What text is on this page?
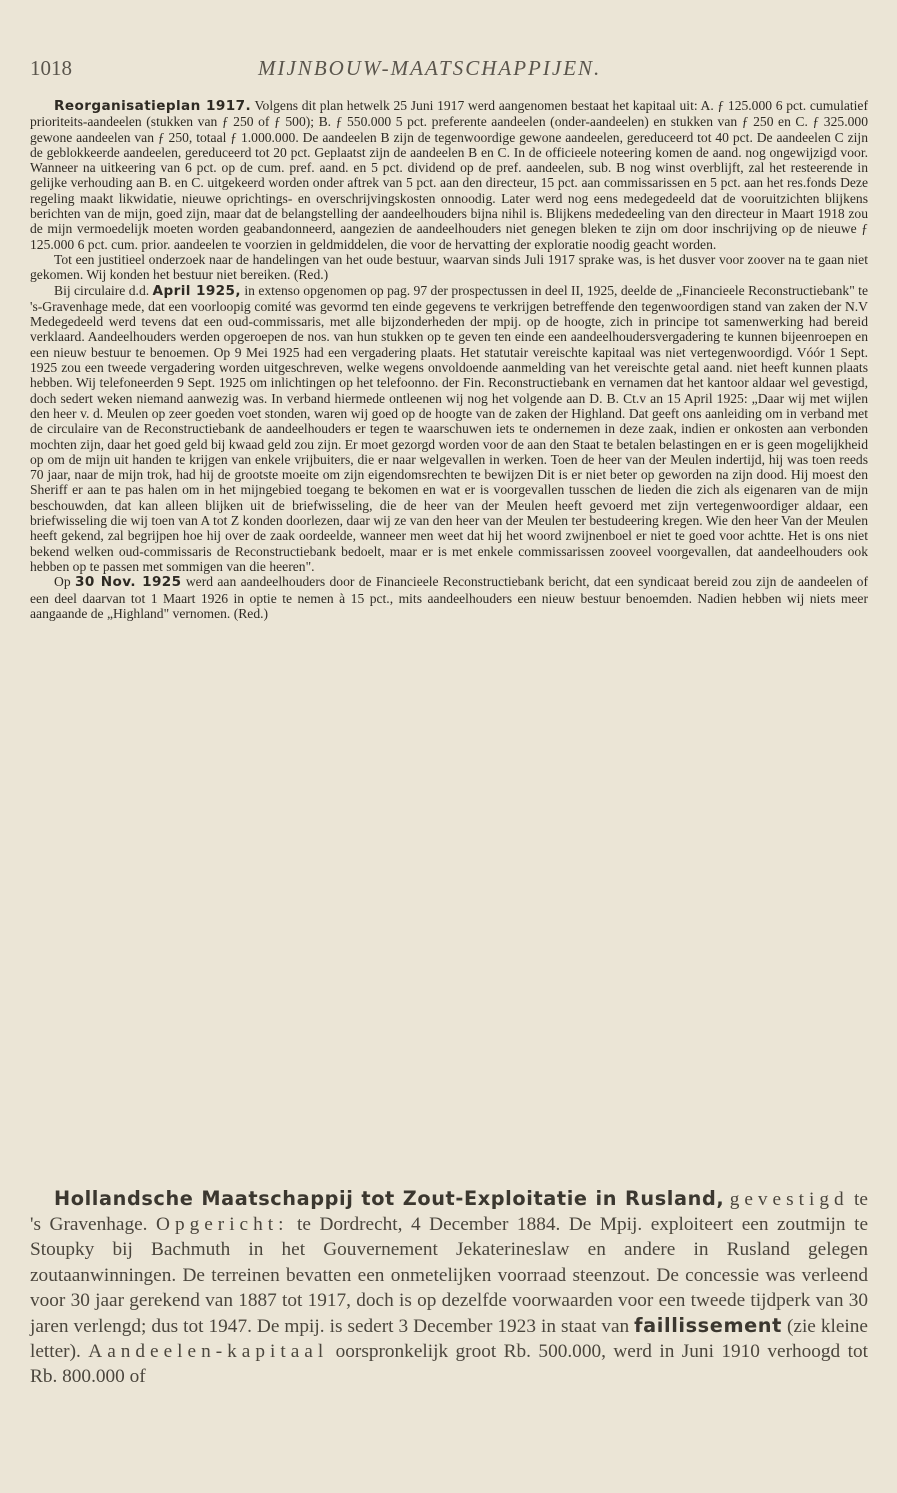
1018	MIJNBOUW-MAATSCHAPPIJEN.

Reorganisatieplan 1917. Volgens dit plan hetwelk 25 Juni 1917 werd aangenomen bestaat het kapitaal uit: A. ƒ 125.000 6 pct. cumulatief prioriteits-aandeelen (stukken van ƒ 250 of ƒ 500); B. ƒ 550.000 5 pct. preferente aandeelen (onder-aandeelen) en stukken van ƒ 250 en C. ƒ 325.000 gewone aandeelen van ƒ 250, totaal ƒ 1.000.000. De aandeelen B zijn de tegenwoordige gewone aandeelen, gereduceerd tot 40 pct. De aandeelen C zijn de geblokkeerde aandeelen, gereduceerd tot 20 pct. Geplaatst zijn de aandeelen B en C. In de officieele noteering komen de aand. nog ongewijzigd voor. Wanneer na uitkeering van 6 pct. op de cum. pref. aand. en 5 pct. dividend op de pref. aandeelen, sub. B nog winst overblijft, zal het resteerende in gelijke verhouding aan B. en C. uitgekeerd worden onder aftrek van 5 pct. aan den directeur, 15 pct. aan commissarissen en 5 pct. aan het res.fonds Deze regeling maakt likwidatie, nieuwe oprichtings- en overschrijvingskosten onnoodig. Later werd nog eens medegedeeld dat de vooruitzichten blijkens berichten van de mijn, goed zijn, maar dat de belangstelling der aandeelhouders bijna nihil is. Blijkens mededeeling van den directeur in Maart 1918 zou de mijn vermoedelijk moeten worden geabandonneerd, aangezien de aandeelhouders niet genegen bleken te zijn om door inschrijving op de nieuwe ƒ 125.000 6 pct. cum. prior. aandeelen te voorzien in geldmiddelen, die voor de hervatting der exploratie noodig geacht worden.

Tot een justitieel onderzoek naar de handelingen van het oude bestuur, waarvan sinds Juli 1917 sprake was, is het dusver voor zoover na te gaan niet gekomen. Wij konden het bestuur niet bereiken. (Red.)

Bij circulaire d.d. April 1925, in extenso opgenomen op pag. 97 der prospectussen in deel II, 1925, deelde de „Financieele Reconstructiebank" te 's-Gravenhage mede, dat een voorloopig comité was gevormd ten einde gegevens te verkrijgen betreffende den tegenwoordigen stand van zaken der N.V Medegedeeld werd tevens dat een oud-commissaris, met alle bijzonderheden der mpij. op de hoogte, zich in principe tot samenwerking had bereid verklaard. Aandeelhouders werden opgeroepen de nos. van hun stukken op te geven ten einde een aandeelhoudersvergadering te kunnen bijeenroepen en een nieuw bestuur te benoemen. Op 9 Mei 1925 had een vergadering plaats. Het statutair vereischte kapitaal was niet vertegenwoordigd. Vóór 1 Sept. 1925 zou een tweede vergadering worden uitgeschreven, welke wegens onvoldoende aanmelding van het vereischte getal aand. niet heeft kunnen plaats hebben. Wij telefoneerden 9 Sept. 1925 om inlichtingen op het telefoonno. der Fin. Reconstructiebank en vernamen dat het kantoor aldaar wel gevestigd, doch sedert weken niemand aanwezig was. In verband hiermede ontleenen wij nog het volgende aan D. B. Ct.v an 15 April 1925: „Daar wij met wijlen den heer v. d. Meulen op zeer goeden voet stonden, waren wij goed op de hoogte van de zaken der Highland. Dat geeft ons aanleiding om in verband met de circulaire van de Reconstructiebank de aandeelhouders er tegen te waarschuwen iets te ondernemen in deze zaak, indien er onkosten aan verbonden mochten zijn, daar het goed geld bij kwaad geld zou zijn. Er moet gezorgd worden voor de aan den Staat te betalen belastingen en er is geen mogelijkheid op om de mijn uit handen te krijgen van enkele vrijbuiters, die er naar welgevallen in werken. Toen de heer van der Meulen indertijd, hij was toen reeds 70 jaar, naar de mijn trok, had hij de grootste moeite om zijn eigendomsrechten te bewijzen Dit is er niet beter op geworden na zijn dood. Hij moest den Sheriff er aan te pas halen om in het mijngebied toegang te bekomen en wat er is voorgevallen tusschen de lieden die zich als eigenaren van de mijn beschouwden, dat kan alleen blijken uit de briefwisseling, die de heer van der Meulen heeft gevoerd met zijn vertegenwoordiger aldaar, een briefwisseling die wij toen van A tot Z konden doorlezen, daar wij ze van den heer van der Meulen ter bestudeering kregen. Wie den heer Van der Meulen heeft gekend, zal begrijpen hoe hij over de zaak oordeelde, wanneer men weet dat hij het woord zwijnenboel er niet te goed voor achtte. Het is ons niet bekend welken oud-commissaris de Reconstructiebank bedoelt, maar er is met enkele commissarissen zooveel voorgevallen, dat aandeelhouders ook hebben op te passen met sommigen van die heeren".

Op 30 Nov. 1925 werd aan aandeelhouders door de Financieele Reconstructiebank bericht, dat een syndicaat bereid zou zijn de aandeelen of een deel daarvan tot 1 Maart 1926 in optie te nemen à 15 pct., mits aandeelhouders een nieuw bestuur benoemden. Nadien hebben wij niets meer aangaande de „Highland" vernomen. (Red.)

Hollandsche Maatschappij tot Zout-Exploitatie in Rusland, gevestigd te 's Gravenhage. Opgericht: te Dordrecht, 4 December 1884. De Mpij. exploiteert een zoutmijn te Stoupky bij Bachmuth in het Gouvernement Jekaterineslaw en andere in Rusland gelegen zoutaanwinningen. De terreinen bevatten een onmetelijken voorraad steenzout. De concessie was verleend voor 30 jaar gerekend van 1887 tot 1917, doch is op dezelfde voorwaarden voor een tweede tijdperk van 30 jaren verlengd; dus tot 1947. De mpij. is sedert 3 December 1923 in staat van faillissement (zie kleine letter). Aandeelen-kapitaal oorspronkelijk groot Rb. 500.000, werd in Juni 1910 verhoogd tot Rb. 800.000 of
